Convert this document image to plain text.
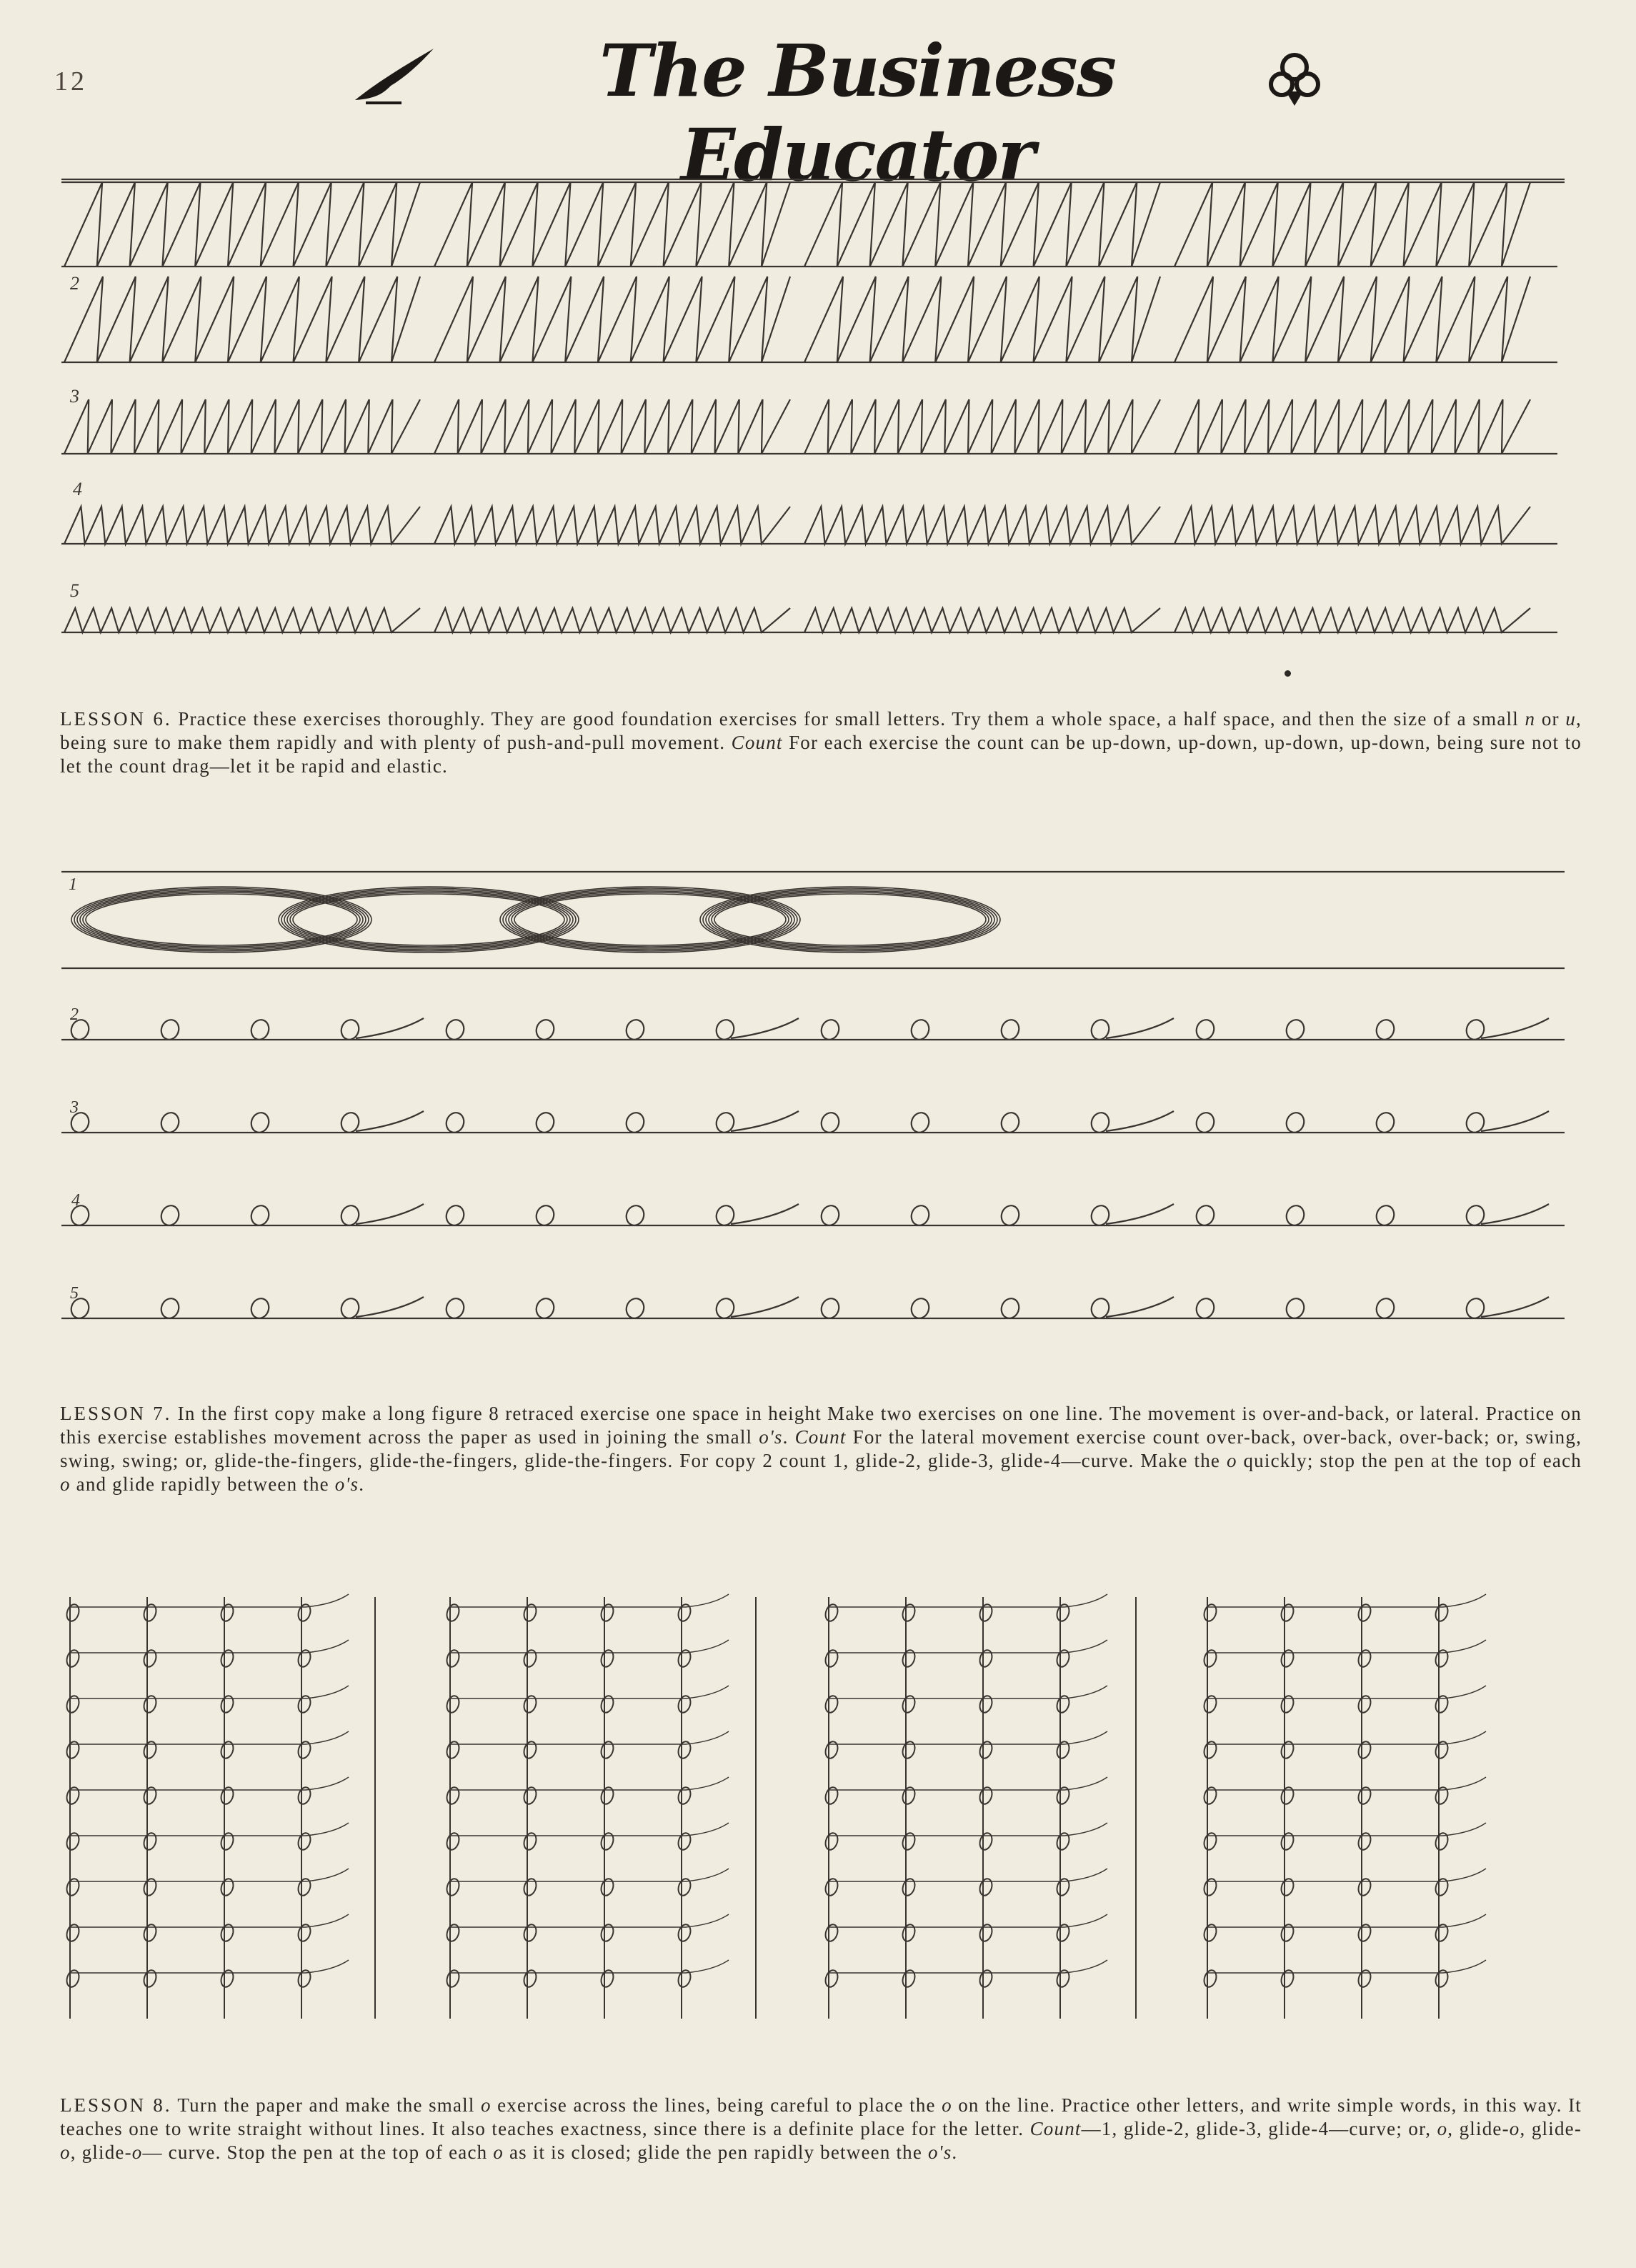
12	The Business Educator
2
3
4
5
LESSON 6. Practice these exercises thoroughly. They are good foundation exercises for small letters. Try them a whole space, a half space, and then the size of a small n or u, being sure to make them rapidly and with plenty of push-and-pull movement. Count For each exercise the count can be up-down, up-down, up-down, up-down, being sure not to let the count drag—let it be rapid and elastic.
1
2
3
4
5
LESSON 7. In the first copy make a long figure 8 retraced exercise one space in height Make two exercises on one line. The movement is over-and-back, or lateral. Practice on this exercise establishes movement across the paper as used in joining the small o's. Count For the lateral movement exercise count over-back, over-back, over-back; or, swing, swing, swing; or, glide-the-fingers, glide-the-fingers, glide-the-fingers. For copy 2 count 1, glide-2, glide-3, glide-4—curve. Make the o quickly; stop the pen at the top of each o and glide rapidly between the o's.
LESSON 8. Turn the paper and make the small o exercise across the lines, being careful to place the o on the line. Practice other letters, and write simple words, in this way. It teaches one to write straight without lines. It also teaches exactness, since there is a definite place for the letter. Count—1, glide-2, glide-3, glide-4—curve; or, o, glide-o, glide-o, glide-o— curve. Stop the pen at the top of each o as it is closed; glide the pen rapidly between the o's.
